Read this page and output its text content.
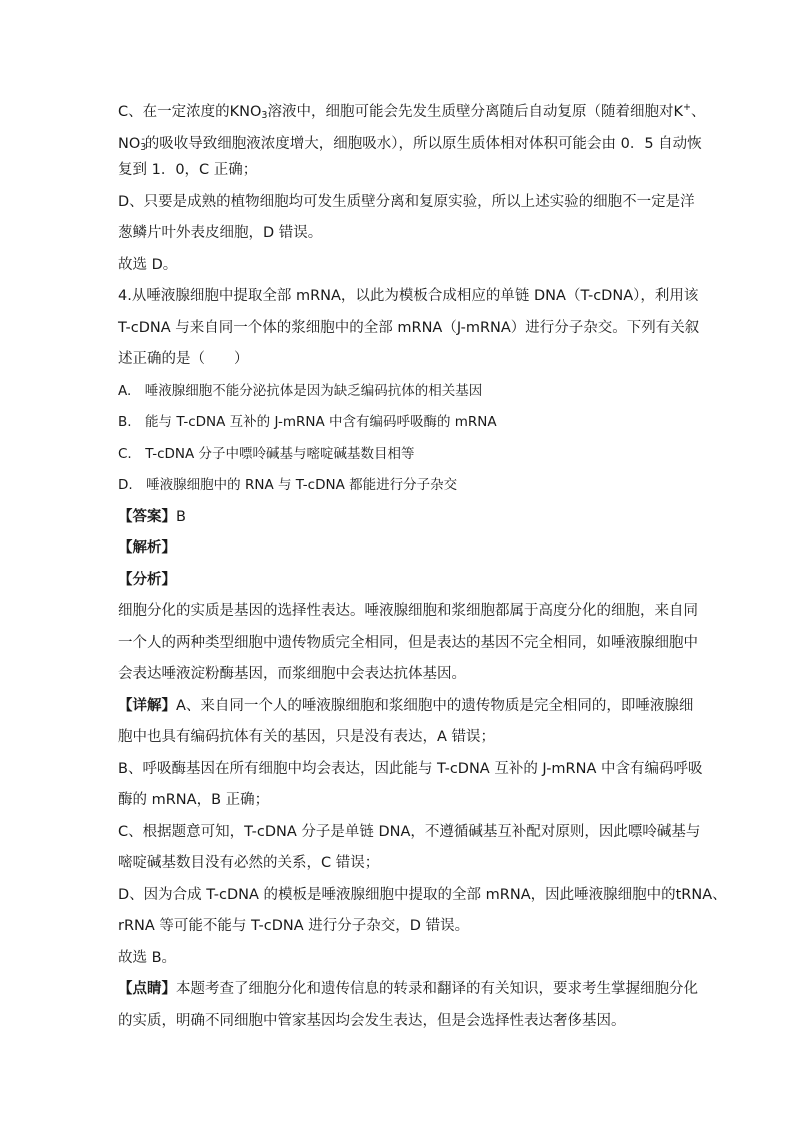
C、在一定浓度的$KNO_3$溶液中，细胞可能会先发生质壁分离随后自动复原（随着细胞对K+、
$NO_3^-$的吸收导致细胞液浓度增大，细胞吸水），所以原生质体相对体积可能会由 0．5 自动恢
复到 1．0，C 正确；
D、只要是成熟的植物细胞均可发生质壁分离和复原实验，所以上述实验的细胞不一定是洋
葱鳞片叶外表皮细胞，D 错误。
故选 D。
4.从唾液腺细胞中提取全部 mRNA，以此为模板合成相应的单链 DNA（T-cDNA），利用该
T-cDNA 与来自同一个体的浆细胞中的全部 mRNA（J-mRNA）进行分子杂交。下列有关叙
述正确的是（　　）
A.　唾液腺细胞不能分泌抗体是因为缺乏编码抗体的相关基因
B.　能与 T-cDNA 互补的 J-mRNA 中含有编码呼吸酶的 mRNA
C.　T-cDNA 分子中嘌呤碱基与嘧啶碱基数目相等
D.　唾液腺细胞中的 RNA 与 T-cDNA 都能进行分子杂交
【答案】B
【解析】
【分析】
细胞分化的实质是基因的选择性表达。唾液腺细胞和浆细胞都属于高度分化的细胞，来自同
一个人的两种类型细胞中遗传物质完全相同，但是表达的基因不完全相同，如唾液腺细胞中
会表达唾液淀粉酶基因，而浆细胞中会表达抗体基因。
【详解】A、来自同一个人的唾液腺细胞和浆细胞中的遗传物质是完全相同的，即唾液腺细
胞中也具有编码抗体有关的基因，只是没有表达，A 错误；
B、呼吸酶基因在所有细胞中均会表达，因此能与 T-cDNA 互补的 J-mRNA 中含有编码呼吸
酶的 mRNA，B 正确；
C、根据题意可知，T-cDNA 分子是单链 DNA，不遵循碱基互补配对原则，因此嘌呤碱基与
嘧啶碱基数目没有必然的关系，C 错误；
D、因为合成 T-cDNA 的模板是唾液腺细胞中提取的全部 mRNA，因此唾液腺细胞中的tRNA、
rRNA 等可能不能与 T-cDNA 进行分子杂交，D 错误。
故选 B。
【点睛】本题考查了细胞分化和遗传信息的转录和翻译的有关知识，要求考生掌握细胞分化
的实质，明确不同细胞中管家基因均会发生表达，但是会选择性表达奢侈基因。
